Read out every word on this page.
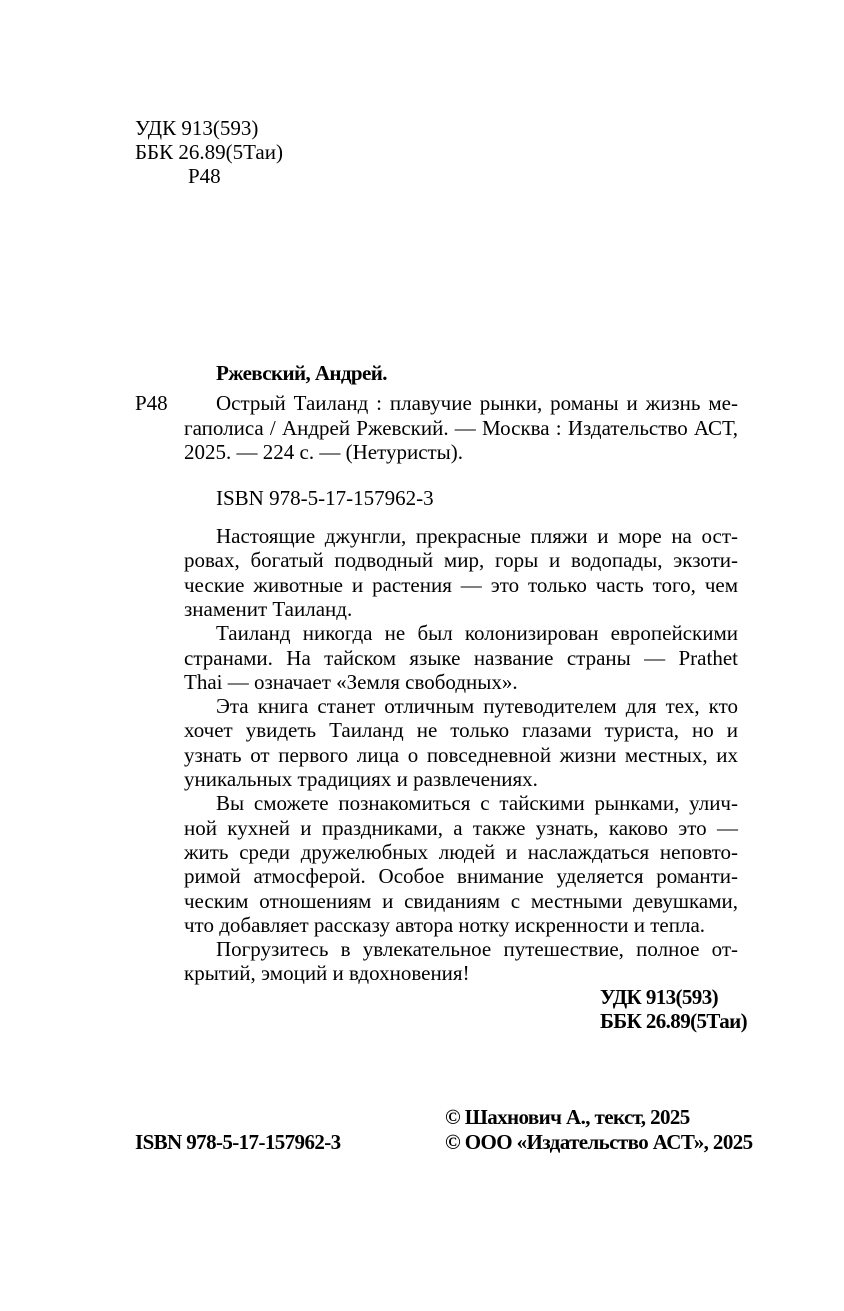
УДК 913(593)
ББК 26.89(5Таи)
Р48
Ржевский, Андрей.
Р48 Острый Таиланд : плавучие рынки, романы и жизнь ме-
гаполиса / Андрей Ржевский. — Москва : Издательство АСТ,
2025. — 224 с. — (Нетуристы).
ISBN 978-5-17-157962-3
Настоящие джунгли, прекрасные пляжи и море на ост-
ровах, богатый подводный мир, горы и водопады, экзоти-
ческие животные и растения — это только часть того, чем
знаменит Таиланд.
Таиланд никогда не был колонизирован европейскими
странами. На тайском языке название страны — Prathet
Thai — означает «Земля свободных».
Эта книга станет отличным путеводителем для тех, кто
хочет увидеть Таиланд не только глазами туриста, но и
узнать от первого лица о повседневной жизни местных, их
уникальных традициях и развлечениях.
Вы сможете познакомиться с тайскими рынками, улич-
ной кухней и праздниками, а также узнать, каково это —
жить среди дружелюбных людей и наслаждаться неповто-
римой атмосферой. Особое внимание уделяется романти-
ческим отношениям и свиданиям с местными девушками,
что добавляет рассказу автора нотку искренности и тепла.
Погрузитесь в увлекательное путешествие, полное от-
крытий, эмоций и вдохновения!
УДК 913(593)
ББК 26.89(5Таи)
© Шахнович А., текст, 2025
ISBN 978-5-17-157962-3	© ООО «Издательство АСТ», 2025
